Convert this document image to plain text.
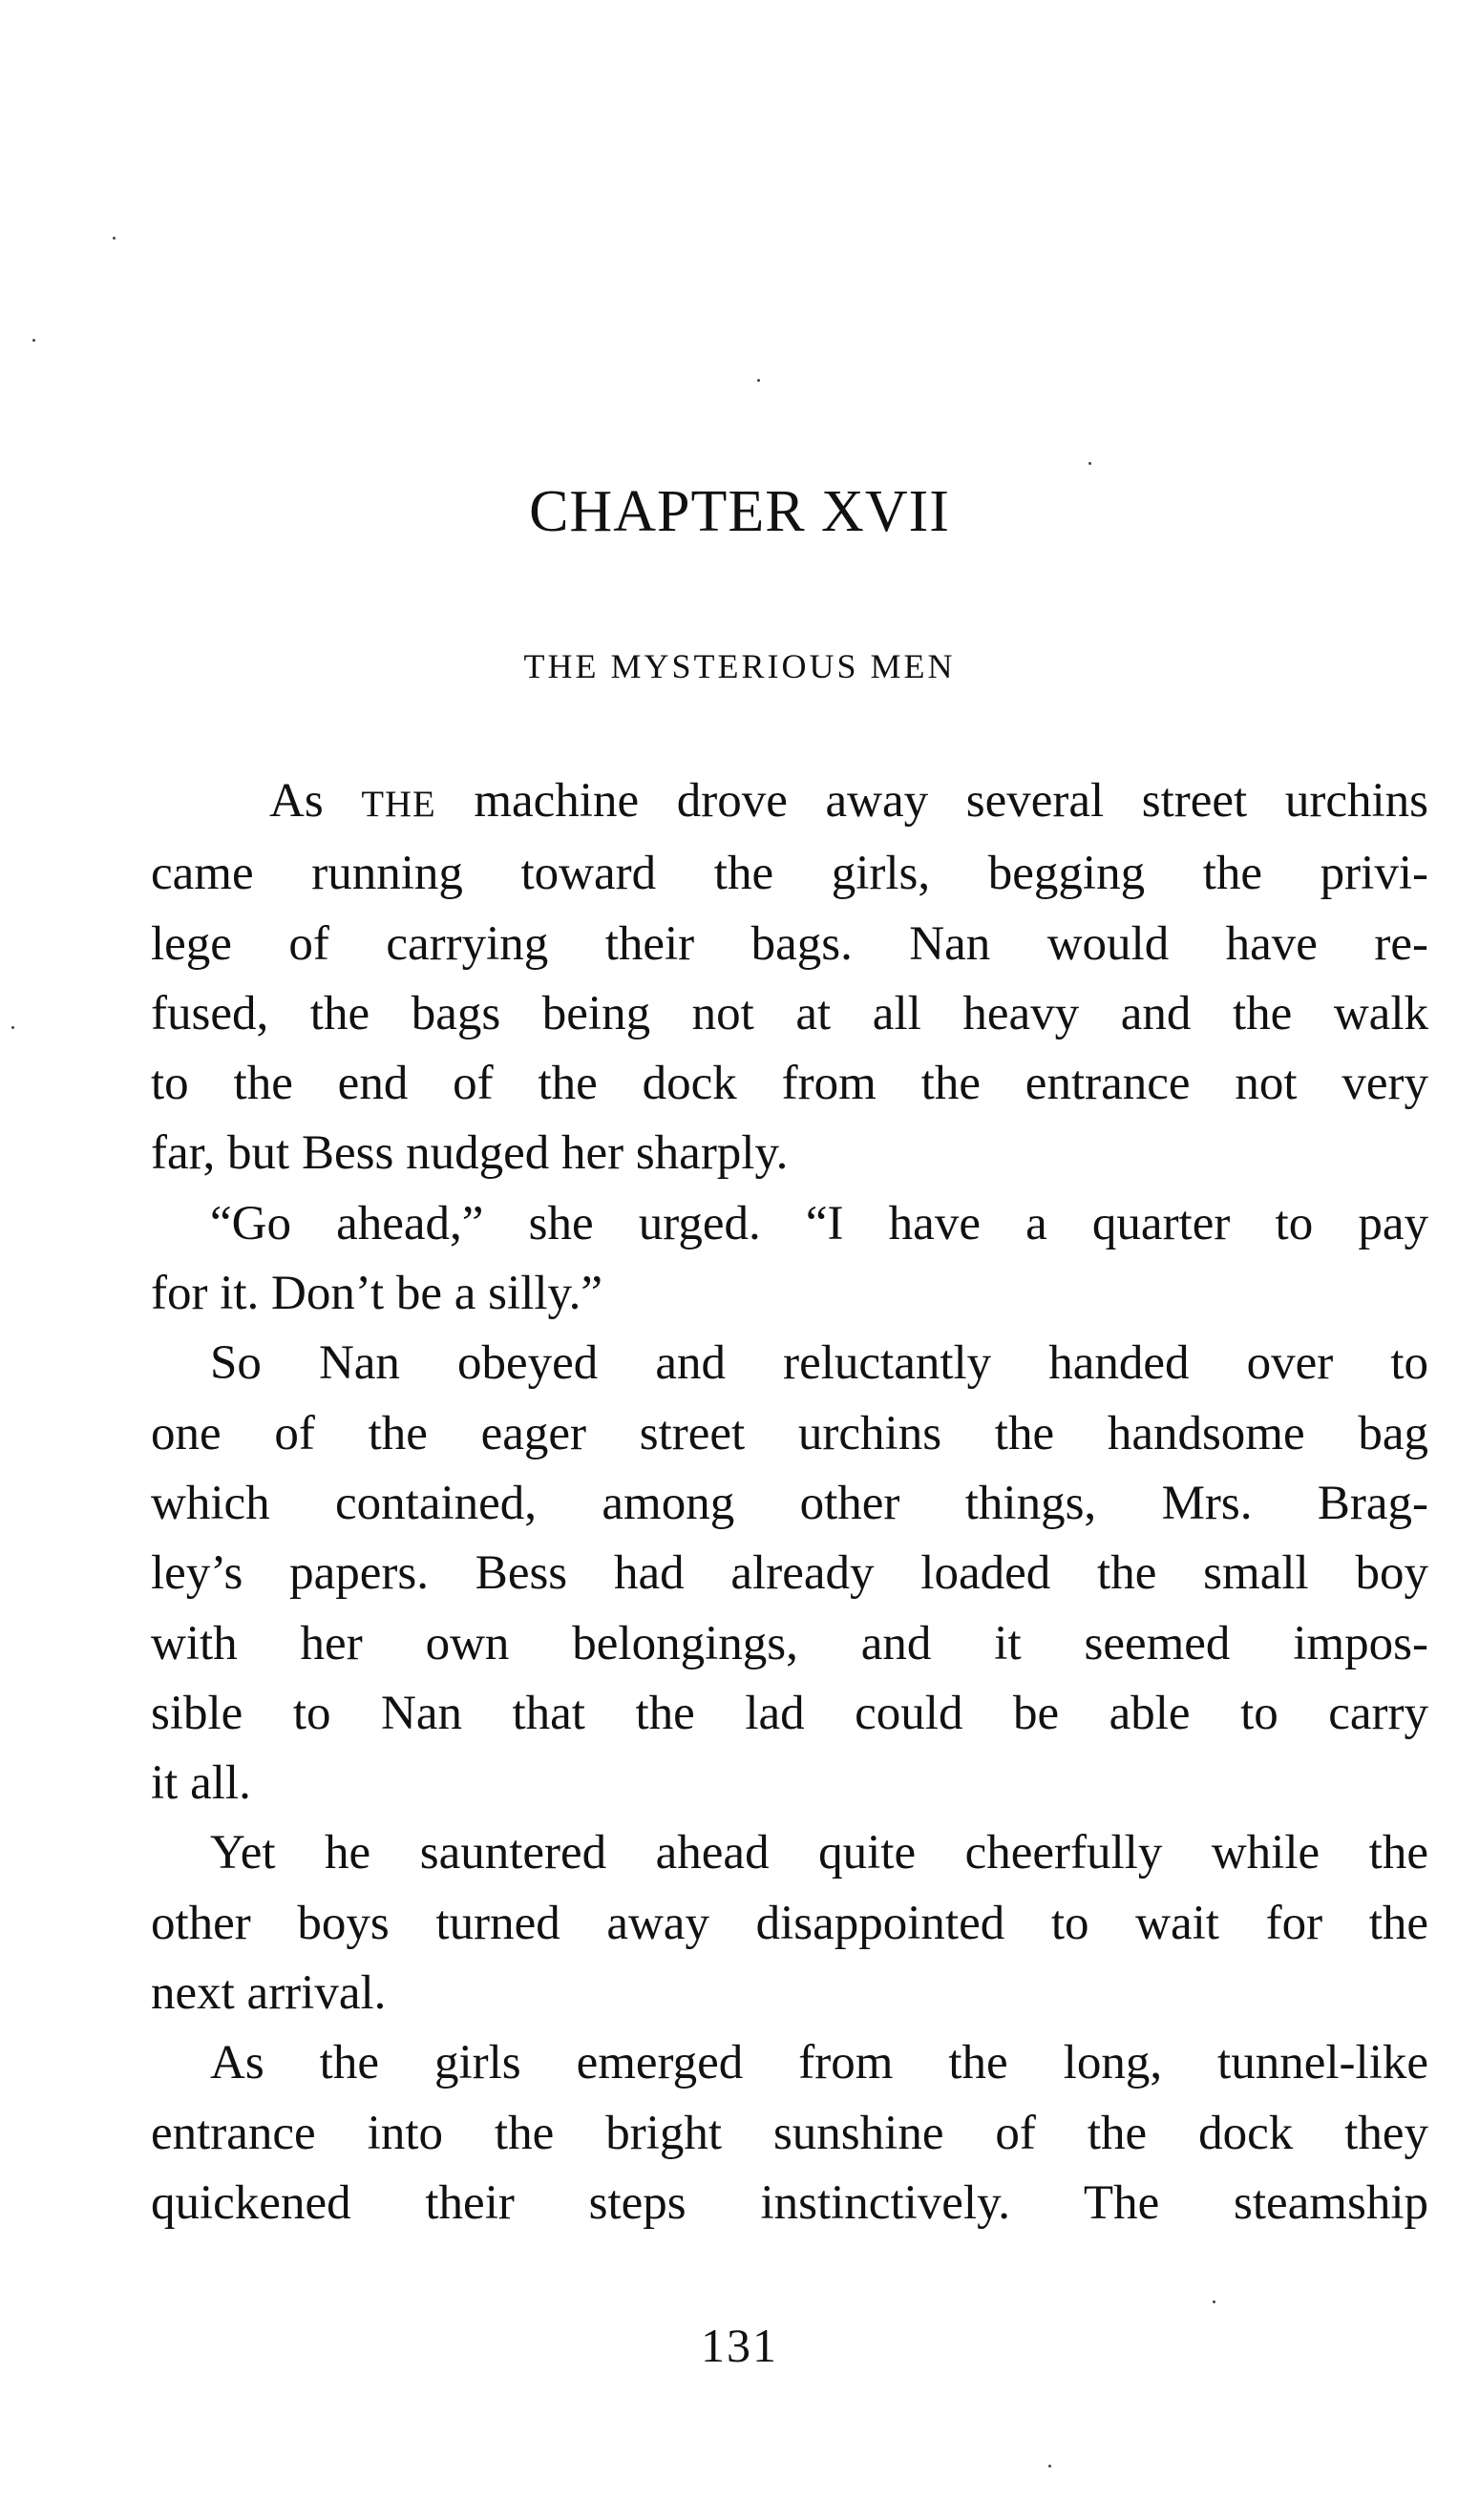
CHAPTER XVII
THE MYSTERIOUS MEN
As THE machine drove away several street urchins
came running toward the girls, begging the privi-
lege of carrying their bags. Nan would have re-
fused, the bags being not at all heavy and the walk
to the end of the dock from the entrance not very
far, but Bess nudged her sharply.
“Go ahead,” she urged. “I have a quarter to pay
for it. Don’t be a silly.”
So Nan obeyed and reluctantly handed over to
one of the eager street urchins the handsome bag
which contained, among other things, Mrs. Brag-
ley’s papers. Bess had already loaded the small boy
with her own belongings, and it seemed impos-
sible to Nan that the lad could be able to carry
it all.
Yet he sauntered ahead quite cheerfully while the
other boys turned away disappointed to wait for the
next arrival.
As the girls emerged from the long, tunnel-like
entrance into the bright sunshine of the dock they
quickened their steps instinctively. The steamship
131
